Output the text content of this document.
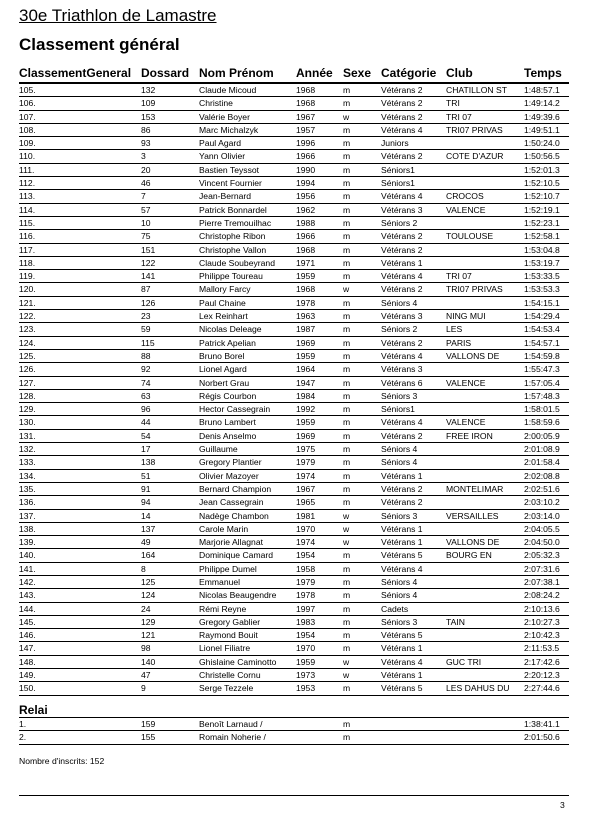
30e Triathlon de Lamastre
Classement général
ClassementGeneral Dossard Nom Prénom Année Sexe Catégorie Club	Temps
105.	132	Claude Micoud	1968	m	Vétérans 2	CHATILLON ST 1:48:57.1
106.	109	Christine	1968	m	Vétérans 2	TRI	1:49:14.2
107.	153	Valérie Boyer	1967	w	Vétérans 2	TRI 07	1:49:39.6
108.	86	Marc Michalzyk	1957	m	Vétérans 4	TRI07 PRIVAS 1:49:51.1
109.	93	Paul Agard	1996	m	Juniors	1:50:24.0
110.	3	Yann Olivier	1966	m	Vétérans 2	COTE D'AZUR 1:50:56.5
111.	20	Bastien Teyssot	1990	m	Séniors1	1:52:01.3
112.	46	Vincent Fournier	1994	m	Séniors1	1:52:10.5
113.	7	Jean-Bernard	1956	m	Vétérans 4	CROCOS	1:52:10.7
114.	57	Patrick Bonnardel	1962	m	Vétérans 3	VALENCE	1:52:19.1
115.	10	Pierre Tremouilhac	1988	m	Séniors 2	1:52:23.1
116.	75	Christophe Ribon	1966	m	Vétérans 2	TOULOUSE	1:52:58.1
117.	151	Christophe Vallon	1968	m	Vétérans 2	1:53:04.8
118.	122	Claude Soubeyrand 1971	m	Vétérans 1	1:53:19.7
119.	141	Philippe Toureau	1959	m	Vétérans 4	TRI 07	1:53:33.5
120.	87	Mallory Farcy	1968	w	Vétérans 2	TRI07 PRIVAS 1:53:53.3
121.	126	Paul Chaine	1978	m	Séniors 4	1:54:15.1
122.	23	Lex Reinhart	1963	m	Vétérans 3	NING MUI	1:54:29.4
123.	59	Nicolas Deleage	1987	m	Séniors 2	LES	1:54:53.4
124.	115	Patrick Apelian	1969	m	Vétérans 2	PARIS	1:54:57.1
125.	88	Bruno Borel	1959	m	Vétérans 4	VALLONS DE	1:54:59.8
126.	92	Lionel Agard	1964	m	Vétérans 3	1:55:47.3
127.	74	Norbert Grau	1947	m	Vétérans 6	VALENCE	1:57:05.4
128.	63	Régis Courbon	1984	m	Séniors 3	1:57:48.3
129.	96	Hector Cassegrain	1992	m	Séniors1	1:58:01.5
130.	44	Bruno Lambert	1959	m	Vétérans 4	VALENCE	1:58:59.6
131.	54	Denis Anselmo	1969	m	Vétérans 2	FREE IRON	2:00:05.9
132.	17	Guillaume	1975	m	Séniors 4	2:01:08.9
133.	138	Gregory Plantier	1979	m	Séniors 4	2:01:58.4
134.	51	Olivier Mazoyer	1974	m	Vétérans 1	2:02:08.8
135.	91	Bernard Champion	1967	m	Vétérans 2	MONTELIMAR 2:02:51.6
136.	94	Jean Cassegrain	1965	m	Vétérans 2	2:03:10.2
137.	14	Nadège Chambon	1981	w	Séniors 3	VERSAILLES	2:03:14.0
138.	137	Carole Marin	1970	w	Vétérans 1	2:04:05.5
139.	49	Marjorie Allagnat	1974	w	Vétérans 1	VALLONS DE	2:04:50.0
140.	164	Dominique Camard	1954	m	Vétérans 5	BOURG EN	2:05:32.3
141.	8	Philippe Dumel	1958	m	Vétérans 4	2:07:31.6
142.	125	Emmanuel	1979	m	Séniors 4	2:07:38.1
143.	124	Nicolas Beaugendre 1978	m	Séniors 4	2:08:24.2
144.	24	Rémi Reyne	1997	m	Cadets	2:10:13.6
145.	129	Gregory Gablier	1983	m	Séniors 3	TAIN	2:10:27.3
146.	121	Raymond Bouit	1954	m	Vétérans 5	2:10:42.3
147.	98	Lionel Filiatre	1970	m	Vétérans 1	2:11:53.5
148.	140	Ghislaine Caminotto 1959	w	Vétérans 4	GUC TRI	2:17:42.6
149.	47	Christelle Cornu	1973	w	Vétérans 1	2:20:12.3
150.	9	Serge Tezzele	1953	m	Vétérans 5	LES DAHUS DU 2:27:44.6
Relai
1.	159	Benoît Larnaud /	m	1:38:41.1
2.	155	Romain Noherie /	m	2:01:50.6
Nombre d'inscrits: 152
3
